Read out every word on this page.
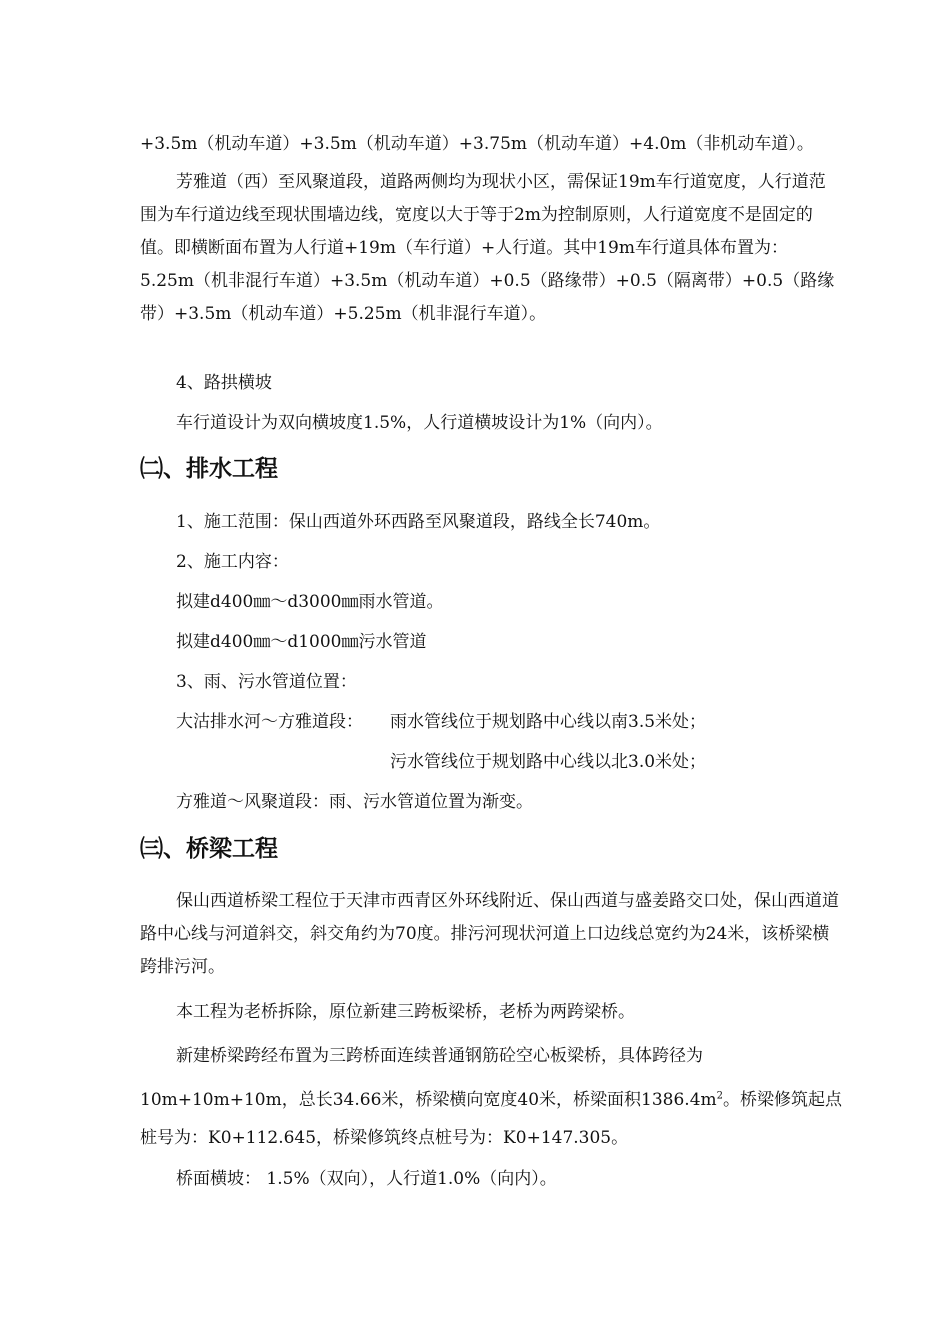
+3.5m（机动车道）+3.5m（机动车道）+3.75m（机动车道）+4.0m（非机动车道）。
芳雅道（西）至风聚道段，道路两侧均为现状小区，需保证19m车行道宽度，人行道范围为车行道边线至现状围墙边线，宽度以大于等于2m为控制原则，人行道宽度不是固定的值。即横断面布置为人行道+19m（车行道）+人行道。其中19m车行道具体布置为：5.25m（机非混行车道）+3.5m（机动车道）+0.5（路缘带）+0.5（隔离带）+0.5（路缘带）+3.5m（机动车道）+5.25m（机非混行车道）。
4、路拱横坡
车行道设计为双向横坡度1.5%，人行道横坡设计为1%（向内）。
㈡、排水工程
1、施工范围：保山西道外环西路至风聚道段，路线全长740m。
2、施工内容：
拟建d400㎜～d3000㎜雨水管道。
拟建d400㎜～d1000㎜污水管道
3、雨、污水管道位置：
大沽排水河～方雅道段： 雨水管线位于规划路中心线以南3.5米处；
污水管线位于规划路中心线以北3.0米处；
方雅道～风聚道段：雨、污水管道位置为渐变。
㈢、桥梁工程
保山西道桥梁工程位于天津市西青区外环线附近、保山西道与盛姜路交口处，保山西道道路中心线与河道斜交，斜交角约为70度。排污河现状河道上口边线总宽约为24米，该桥梁横跨排污河。
本工程为老桥拆除，原位新建三跨板梁桥，老桥为两跨梁桥。
新建桥梁跨经布置为三跨桥面连续普通钢筋砼空心板梁桥，具体跨径为
10m+10m+10m，总长34.66米，桥梁横向宽度40米，桥梁面积$1386.4m^2$。桥梁修筑起点
桩号为：K0+112.645，桥梁修筑终点桩号为：K0+147.305。
桥面横坡： 1.5%（双向），人行道1.0%（向内）。
